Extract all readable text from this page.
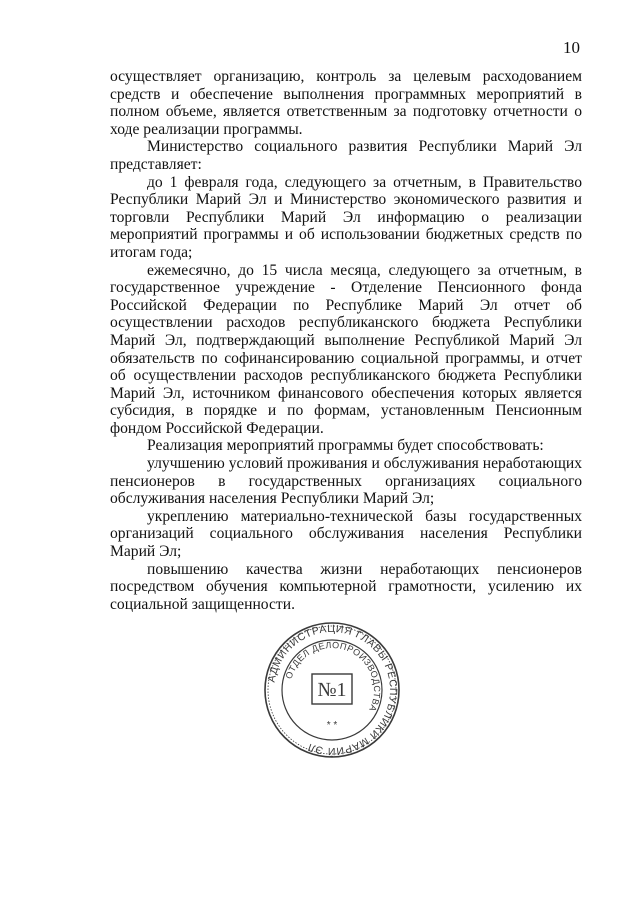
10

осуществляет организацию, контроль за целевым расходованием средств и обеспечение выполнения программных мероприятий в полном объеме, является ответственным за подготовку отчетности о ходе реализации программы.

Министерство социального развития Республики Марий Эл представляет:

до 1 февраля года, следующего за отчетным, в Правительство Республики Марий Эл и Министерство экономического развития и торговли Республики Марий Эл информацию о реализации мероприятий программы и об использовании бюджетных средств по итогам года;

ежемесячно, до 15 числа месяца, следующего за отчетным, в государственное учреждение - Отделение Пенсионного фонда Российской Федерации по Республике Марий Эл отчет об осуществлении расходов республиканского бюджета Республики Марий Эл, подтверждающий выполнение Республикой Марий Эл обязательств по софинансированию социальной программы, и отчет об осуществлении расходов республиканского бюджета Республики Марий Эл, источником финансового обеспечения которых является субсидия, в порядке и по формам, установленным Пенсионным фондом Российской Федерации.

Реализация мероприятий программы будет способствовать:

улучшению условий проживания и обслуживания неработающих пенсионеров в государственных организациях социального обслуживания населения Республики Марий Эл;

укреплению материально-технической базы государственных организаций социального обслуживания населения Республики Марий Эл;

повышению качества жизни неработающих пенсионеров посредством обучения компьютерной грамотности, усилению их социальной защищенности.

АДМИНИСТРАЦИЯ ГЛАВЫ РЕСПУБЛИКИ МАРИЙ ЭЛ
ОТДЕЛ ДЕЛОПРОИЗВОДСТВА
№1
* *
